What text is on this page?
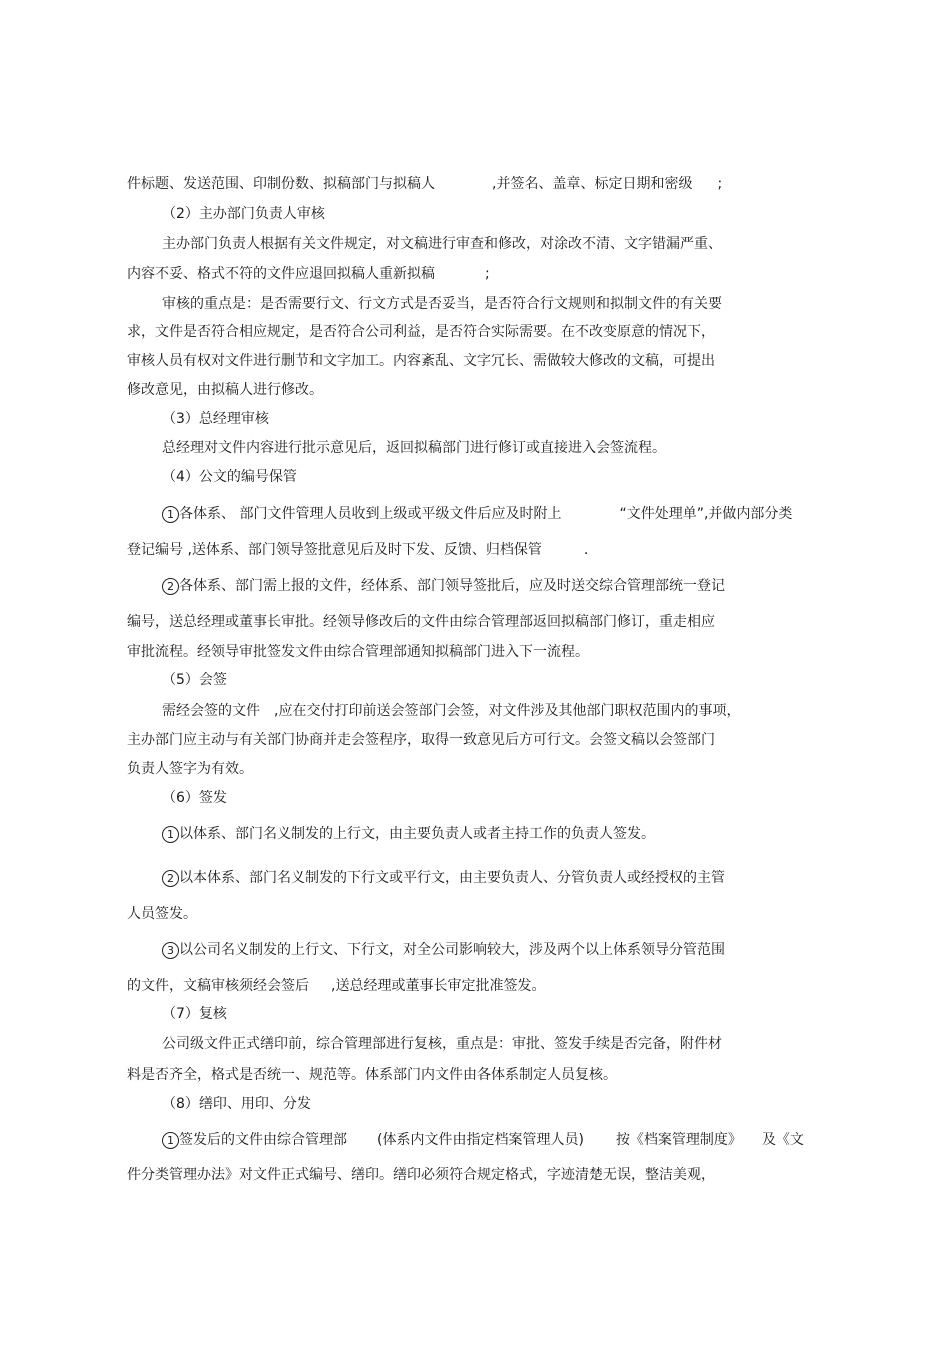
件标题、发送范围、印制份数、拟稿部门与拟稿人	,并签名、盖章、标定日期和密级 ;
（2）主办部门负责人审核
主办部门负责人根据有关文件规定，对文稿进行审查和修改，对涂改不清、文字错漏严重、
内容不妥、格式不符的文件应退回拟稿人重新拟稿	;
审核的重点是：是否需要行文、行文方式是否妥当，是否符合行文规则和拟制文件的有关要
求，文件是否符合相应规定，是否符合公司利益，是否符合实际需要。在不改变原意的情况下，
审核人员有权对文件进行删节和文字加工。内容紊乱、文字冗长、需做较大修改的文稿，可提出
修改意见，由拟稿人进行修改。
（3）总经理审核
总经理对文件内容进行批示意见后，返回拟稿部门进行修订或直接进入会签流程。
（4）公文的编号保管
1 各体系、 部门文件管理人员收到上级或平级文件后应及时附上	“文件处理单”,并做内部分类
登记编号 ,送体系、部门领导签批意见后及时下发、反馈、归档保管	.
2 各体系、部门需上报的文件，经体系、部门领导签批后，应及时送交综合管理部统一登记
编号，送总经理或董事长审批。经领导修改后的文件由综合管理部返回拟稿部门修订，重走相应
审批流程。经领导审批签发文件由综合管理部通知拟稿部门进入下一流程。
（5）会签
需经会签的文件 ,应在交付打印前送会签部门会签，对文件涉及其他部门职权范围内的事项，
主办部门应主动与有关部门协商并走会签程序，取得一致意见后方可行文。会签文稿以会签部门
负责人签字为有效。
（6）签发
1 以体系、部门名义制发的上行文，由主要负责人或者主持工作的负责人签发。
2 以本体系、部门名义制发的下行文或平行文，由主要负责人、分管负责人或经授权的主管
人员签发。
3 以公司名义制发的上行文、下行文，对全公司影响较大，涉及两个以上体系领导分管范围
的文件，文稿审核须经会签后 ,送总经理或董事长审定批准签发。
（7）复核
公司级文件正式缮印前，综合管理部进行复核，重点是：审批、签发手续是否完备，附件材
料是否齐全，格式是否统一、规范等。体系部门内文件由各体系制定人员复核。
（8）缮印、用印、分发
1 签发后的文件由综合管理部 (体系内文件由指定档案管理人员) 按《档案管理制度》 及《文
件分类管理办法》对文件正式编号、缮印。缮印必须符合规定格式，字迹清楚无误，整洁美观，
